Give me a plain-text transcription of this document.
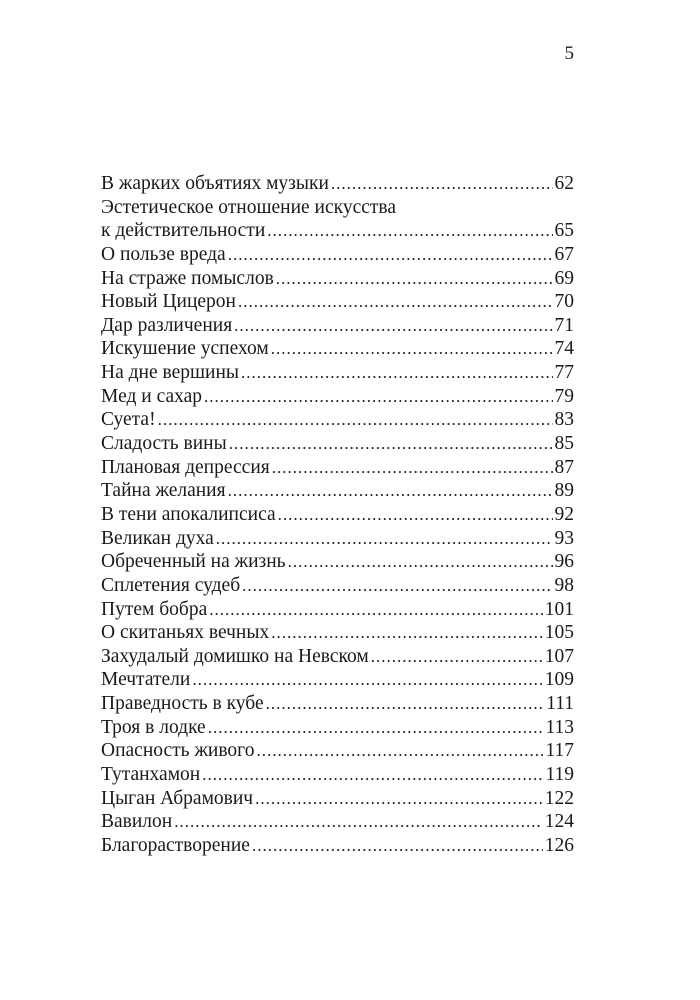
5
В жарких объятиях музыки .....	62
Эстетическое отношение искусства
к действительности .....	65
О пользе вреда .....	67
На страже помыслов .....	69
Новый Цицерон .....	70
Дар различения .....	71
Искушение успехом .....	74
На дне вершины .....	77
Мед и сахар .....	79
Суета! .....	83
Сладость вины .....	85
Плановая депрессия .....	87
Тайна желания .....	89
В тени апокалипсиса .....	92
Великан духа .....	93
Обреченный на жизнь .....	96
Сплетения судеб .....	98
Путем бобра .....	101
О скитаньях вечных .....	105
Захудалый домишко на Невском .....	107
Мечтатели .....	109
Праведность в кубе .....	111
Троя в лодке .....	113
Опасность живого .....	117
Тутанхамон .....	119
Цыган Абрамович .....	122
Вавилон .....	124
Благорастворение .....	126
